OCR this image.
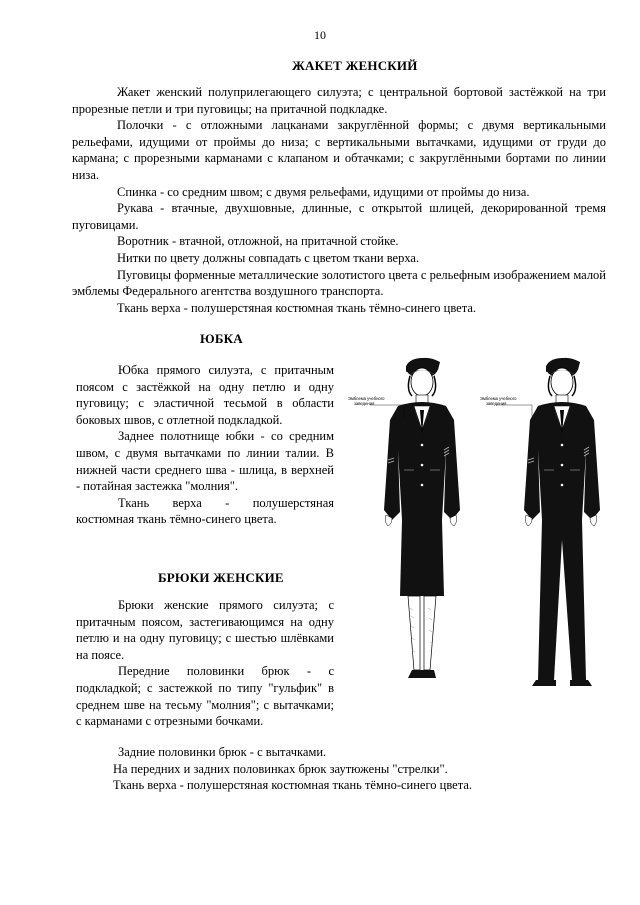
10
ЖАКЕТ ЖЕНСКИЙ

Жакет женский полуприлегающего силуэта; с центральной бортовой застёжкой на три прорезные петли и три пуговицы; на притачной подкладке.

Полочки - с отложными лацканами закруглённой формы; с двумя вертикальными рельефами, идущими от проймы до низа; с вертикальными вытачками, идущими от груди до кармана; с прорезными карманами с клапаном и обтачками; с закруглёнными бортами по линии низа.

Спинка - со средним швом; с двумя рельефами, идущими от проймы до низа.

Рукава - втачные, двухшовные, длинные, с открытой шлицей, декорированной тремя пуговицами.

Воротник - втачной, отложной, на притачной стойке.

Нитки по цвету должны совпадать с цветом ткани верха.

Пуговицы форменные металлические золотистого цвета с рельефным изображением малой эмблемы Федерального агентства воздушного транспорта.

Ткань верха - полушерстяная костюмная ткань тёмно-синего цвета.

ЮБКА

Юбка прямого силуэта, с притачным поясом с застёжкой на одну петлю и одну пуговицу; с эластичной тесьмой в области боковых швов, с отлетной подкладкой.

Заднее полотнище юбки - со средним швом, с двумя вытачками по линии талии. В нижней части среднего шва - шлица, в верхней - потайная застежка "молния".

Ткань верха - полушерстяная костюмная ткань тёмно-синего цвета.

БРЮКИ ЖЕНСКИЕ

Брюки женские прямого силуэта; с притачным поясом, застегивающимся на одну петлю и на одну пуговицу; с шестью шлёвками на поясе.

Передние половинки брюк - с подкладкой; с застежкой по типу "гульфик" в среднем шве на тесьму "молния"; с вытачками; с карманами с отрезными бочками.

Задние половинки брюк - с вытачками.

На передних и задних половинках брюк заутюжены "стрелки".

Ткань верха - полушерстяная костюмная ткань тёмно-синего цвета.

Эмблема учебного заведения
Эмблема учебного заведения
